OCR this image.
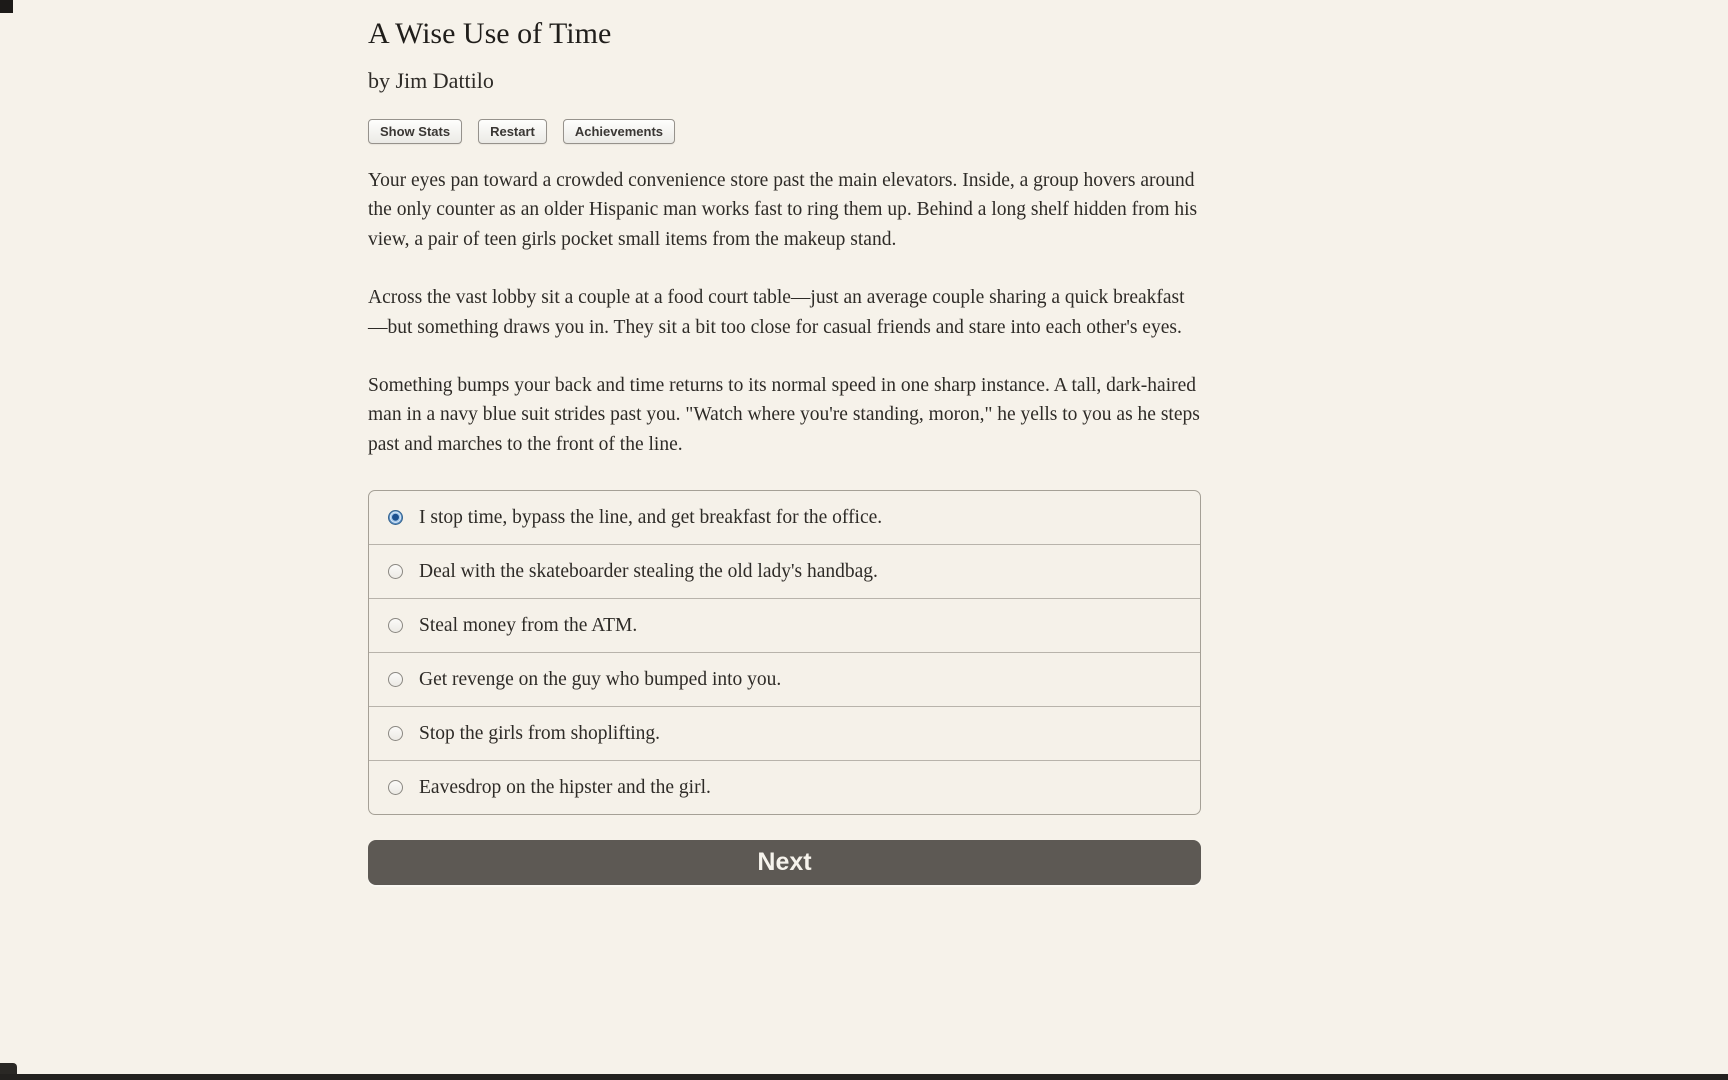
A Wise Use of Time
by Jim Dattilo
Show Stats	Restart	Achievements

Your eyes pan toward a crowded convenience store past the main elevators. Inside, a group hovers around the only counter as an older Hispanic man works fast to ring them up. Behind a long shelf hidden from his view, a pair of teen girls pocket small items from the makeup stand.

Across the vast lobby sit a couple at a food court table—just an average couple sharing a quick breakfast—but something draws you in. They sit a bit too close for casual friends and stare into each other's eyes.

Something bumps your back and time returns to its normal speed in one sharp instance. A tall, dark-haired man in a navy blue suit strides past you. "Watch where you're standing, moron," he yells to you as he steps past and marches to the front of the line.

I stop time, bypass the line, and get breakfast for the office.
Deal with the skateboarder stealing the old lady's handbag.
Steal money from the ATM.
Get revenge on the guy who bumped into you.
Stop the girls from shoplifting.
Eavesdrop on the hipster and the girl.
Next
